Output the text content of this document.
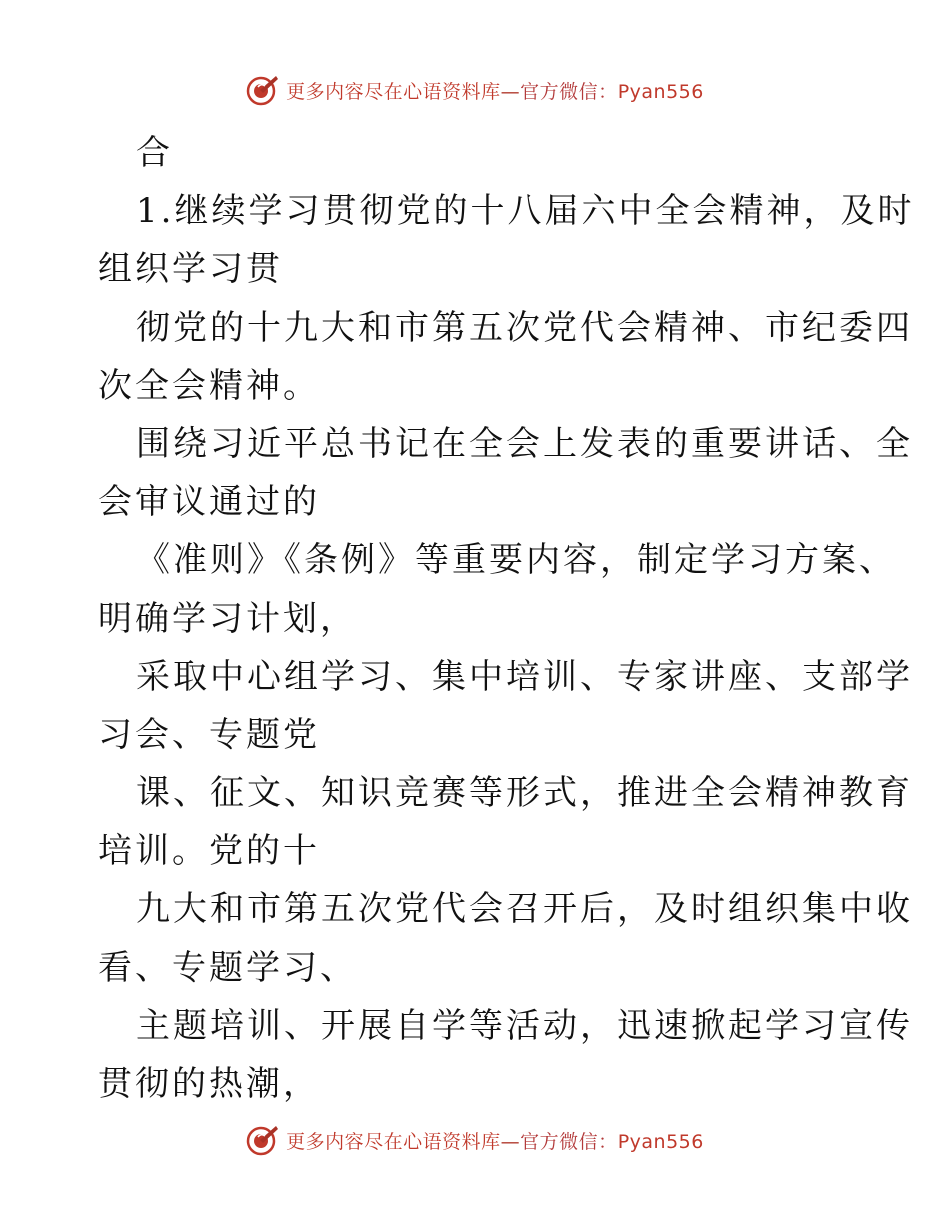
更多内容尽在心语资料库—官方微信：Pyan556
合
1.继续学习贯彻党的十八届六中全会精神，及时
组织学习贯
彻党的十九大和市第五次党代会精神、市纪委四
次全会精神。
围绕习近平总书记在全会上发表的重要讲话、全
会审议通过的
《准则》《条例》等重要内容，制定学习方案、
明确学习计划，
采取中心组学习、集中培训、专家讲座、支部学
习会、专题党
课、征文、知识竞赛等形式，推进全会精神教育
培训。党的十
九大和市第五次党代会召开后，及时组织集中收
看、专题学习、
主题培训、开展自学等活动，迅速掀起学习宣传
贯彻的热潮，
更多内容尽在心语资料库—官方微信：Pyan556
